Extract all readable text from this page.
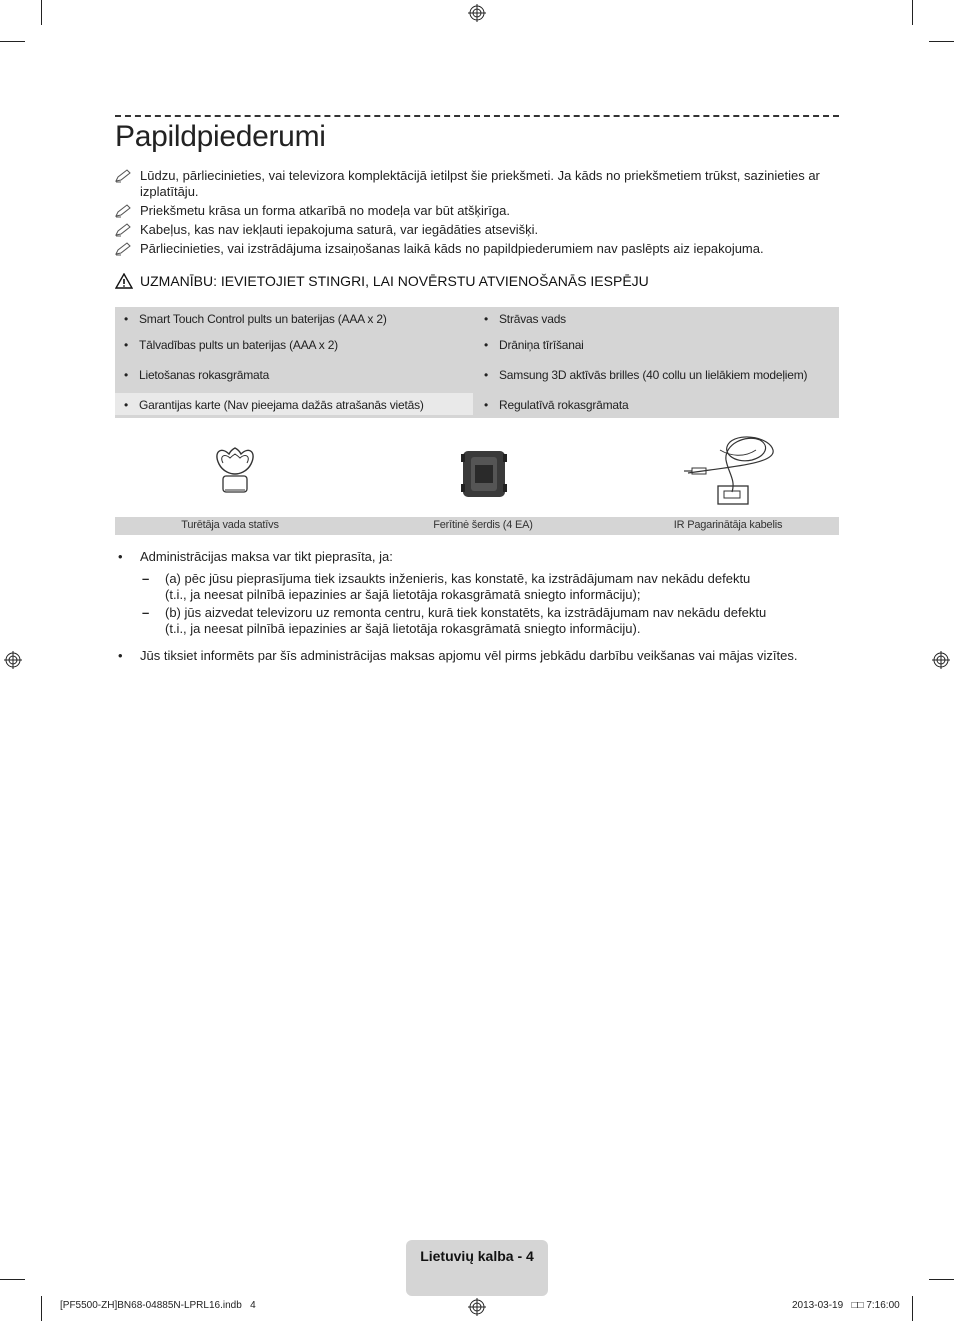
Papildpiederumi
Lūdzu, pārliecinieties, vai televizora komplektācijā ietilpst šie priekšmeti. Ja kāds no priekšmetiem trūkst, sazinieties ar izplatītāju.
Priekšmetu krāsa un forma atkarībā no modeļa var būt atšķirīga.
Kabeļus, kas nav iekļauti iepakojuma saturā, var iegādāties atsevišķi.
Pārliecinieties, vai izstrādājuma izsaiņošanas laikā kāds no papildpiederumiem nav paslēpts aiz iepakojuma.
UZMANĪBU: IEVIETOJIET STINGRI, LAI NOVĒRSTU ATVIENOŠANĀS IESPĒJU
• Smart Touch Control pults un baterijas (AAA x 2)
• Tālvadības pults un baterijas (AAA x 2)
• Lietošanas rokasgrāmata
• Garantijas karte (Nav pieejama dažās atrašanās vietās)
• Strāvas vads
• Drāniņa tīrīšanai
• Samsung 3D aktīvās brilles (40 collu un lielākiem modeļiem)
• Regulatīvā rokasgrāmata
Turētāja vada statīvs	Ferītinė šerdis (4 EA)	IR Pagarinātāja kabelis
• Administrācijas maksa var tikt pieprasīta, ja:
– (a) pēc jūsu pieprasījuma tiek izsaukts inženieris, kas konstatē, ka izstrādājumam nav nekādu defektu
(t.i., ja neesat pilnībā iepazinies ar šajā lietotāja rokasgrāmatā sniegto informāciju);
– (b) jūs aizvedat televizoru uz remonta centru, kurā tiek konstatēts, ka izstrādājumam nav nekādu defektu
(t.i., ja neesat pilnībā iepazinies ar šajā lietotāja rokasgrāmatā sniegto informāciju).
• Jūs tiksiet informēts par šīs administrācijas maksas apjomu vēl pirms jebkādu darbību veikšanas vai mājas vizītes.
Lietuvių kalba - 4
[PF5500-ZH]BN68-04885N-LPRL16.indb   4	2013-03-19   □□ 7:16:00
